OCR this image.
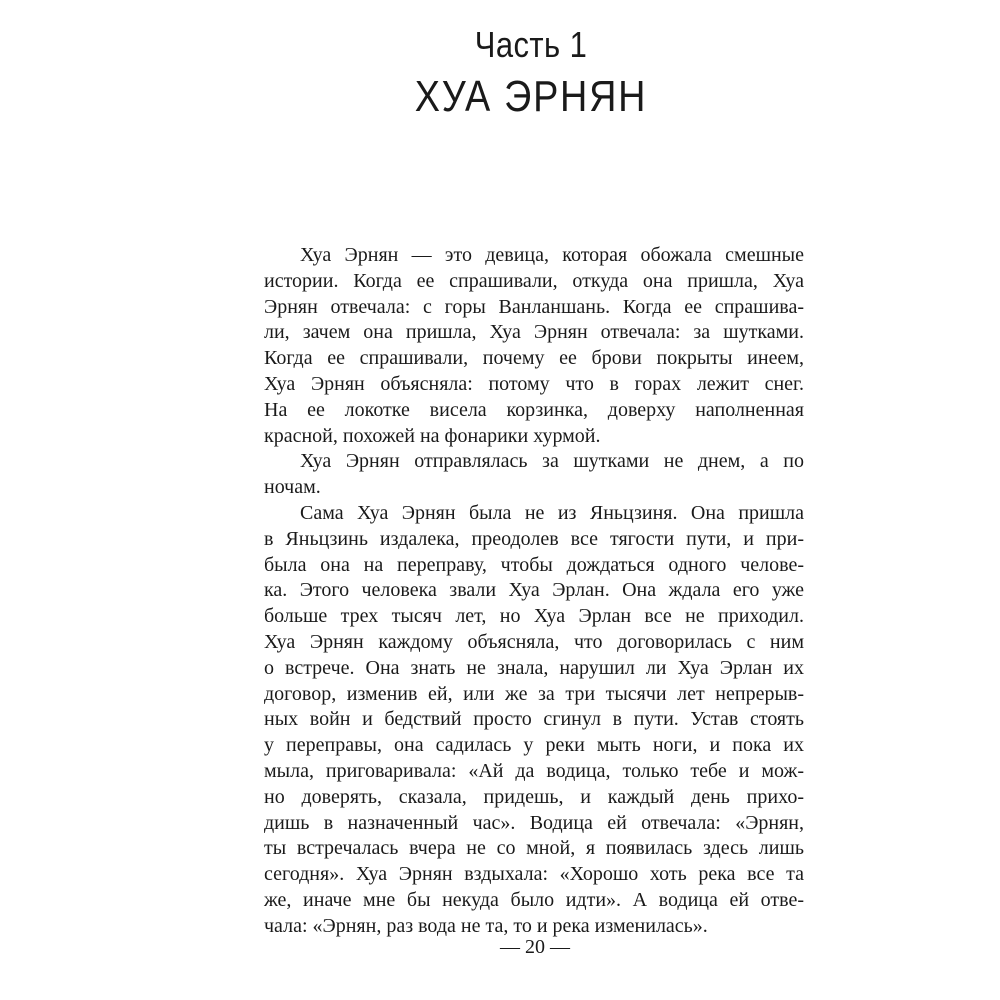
Часть 1
ХУА ЭРНЯН
Хуа Эрнян — это девица, которая обожала смешные
истории. Когда ее спрашивали, откуда она пришла, Хуа
Эрнян отвечала: с горы Ванланшань. Когда ее спрашива-
ли, зачем она пришла, Хуа Эрнян отвечала: за шутками.
Когда ее спрашивали, почему ее брови покрыты инеем,
Хуа Эрнян объясняла: потому что в горах лежит снег.
На ее локотке висела корзинка, доверху наполненная
красной, похожей на фонарики хурмой.
Хуа Эрнян отправлялась за шутками не днем, а по
ночам.
Сама Хуа Эрнян была не из Яньцзиня. Она пришла
в Яньцзинь издалека, преодолев все тягости пути, и при-
была она на переправу, чтобы дождаться одного челове-
ка. Этого человека звали Хуа Эрлан. Она ждала его уже
больше трех тысяч лет, но Хуа Эрлан все не приходил.
Хуа Эрнян каждому объясняла, что договорилась с ним
о встрече. Она знать не знала, нарушил ли Хуа Эрлан их
договор, изменив ей, или же за три тысячи лет непрерыв-
ных войн и бедствий просто сгинул в пути. Устав стоять
у переправы, она садилась у реки мыть ноги, и пока их
мыла, приговаривала: «Ай да водица, только тебе и мож-
но доверять, сказала, придешь, и каждый день прихо-
дишь в назначенный час». Водица ей отвечала: «Эрнян,
ты встречалась вчера не со мной, я появилась здесь лишь
сегодня». Хуа Эрнян вздыхала: «Хорошо хоть река все та
же, иначе мне бы некуда было идти». А водица ей отве-
чала: «Эрнян, раз вода не та, то и река изменилась».
— 20 —
